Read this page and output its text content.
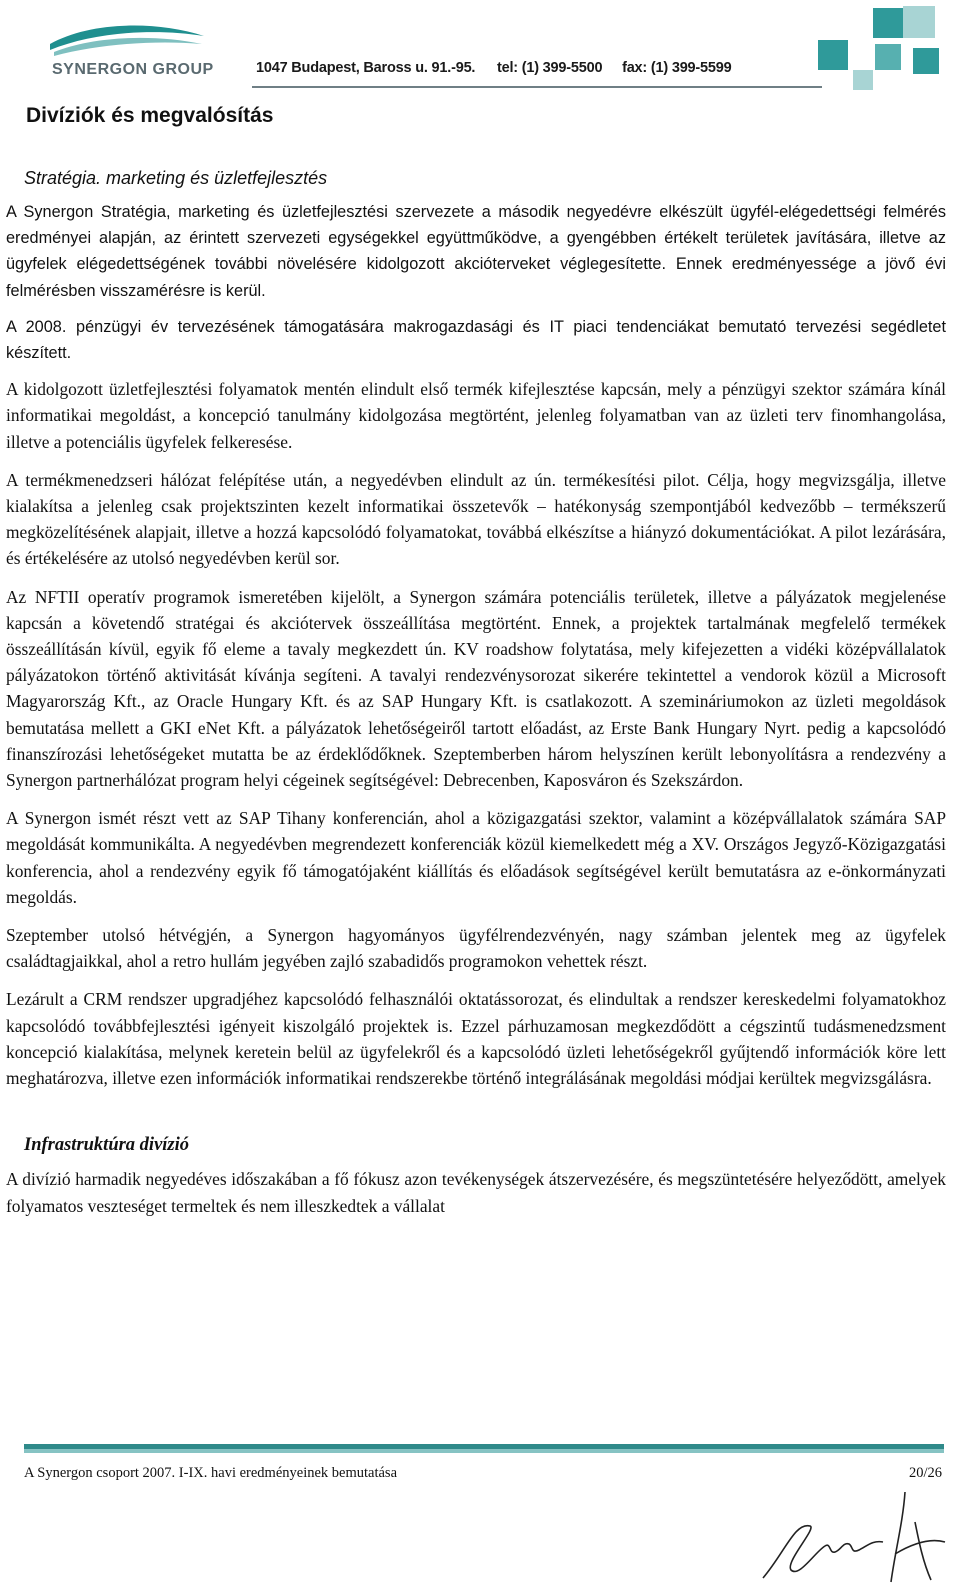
SYNERGON GROUP	1047 Budapest, Baross u. 91.-95. tel: (1) 399-5500 fax: (1) 399-5599
Divíziók és megvalósítás
Stratégia. marketing és üzletfejlesztés

A Synergon Stratégia, marketing és üzletfejlesztési szervezete a második negyedévre elkészült ügyfél-elégedettségi felmérés eredményei alapján, az érintett szervezeti egységekkel együttműködve, a gyengébben értékelt területek javítására, illetve az ügyfelek elégedettségének további növelésére kidolgozott akcióterveket véglegesítette. Ennek eredményessége a jövő évi felmérésben visszamérésre is kerül.

A 2008. pénzügyi év tervezésének támogatására makrogazdasági és IT piaci tendenciákat bemutató tervezési segédletet készített.

A kidolgozott üzletfejlesztési folyamatok mentén elindult első termék kifejlesztése kapcsán, mely a pénzügyi szektor számára kínál informatikai megoldást, a koncepció tanulmány kidolgozása megtörtént, jelenleg folyamatban van az üzleti terv finomhangolása, illetve a potenciális ügyfelek felkeresése.

A termékmenedzseri hálózat felépítése után, a negyedévben elindult az ún. termékesítési pilot. Célja, hogy megvizsgálja, illetve kialakítsa a jelenleg csak projektszinten kezelt informatikai összetevők – hatékonyság szempontjából kedvezőbb – termékszerű megközelítésének alapjait, illetve a hozzá kapcsolódó folyamatokat, továbbá elkészítse a hiányzó dokumentációkat. A pilot lezárására, és értékelésére az utolsó negyedévben kerül sor.

Az NFTII operatív programok ismeretében kijelölt, a Synergon számára potenciális területek, illetve a pályázatok megjelenése kapcsán a követendő stratégai és akciótervek összeállítása megtörtént. Ennek, a projektek tartalmának megfelelő termékek összeállításán kívül, egyik fő eleme a tavaly megkezdett ún. KV roadshow folytatása, mely kifejezetten a vidéki középvállalatok pályázatokon történő aktivitását kívánja segíteni. A tavalyi rendezvénysorozat sikerére tekintettel a vendorok közül a Microsoft Magyarország Kft., az Oracle Hungary Kft. és az SAP Hungary Kft. is csatlakozott. A szemináriumokon az üzleti megoldások bemutatása mellett a GKI eNet Kft. a pályázatok lehetőségeiről tartott előadást, az Erste Bank Hungary Nyrt. pedig a kapcsolódó finanszírozási lehetőségeket mutatta be az érdeklődőknek. Szeptemberben három helyszínen került lebonyolításra a rendezvény a Synergon partnerhálózat program helyi cégeinek segítségével: Debrecenben, Kaposváron és Szekszárdon.

A Synergon ismét részt vett az SAP Tihany konferencián, ahol a közigazgatási szektor, valamint a középvállalatok számára SAP megoldását kommunikálta. A negyedévben megrendezett konferenciák közül kiemelkedett még a XV. Országos Jegyző-Közigazgatási konferencia, ahol a rendezvény egyik fő támogatójaként kiállítás és előadások segítségével került bemutatásra az e-önkormányzati megoldás.

Szeptember utolsó hétvégjén, a Synergon hagyományos ügyfélrendezvényén, nagy számban jelentek meg az ügyfelek családtagjaikkal, ahol a retro hullám jegyében zajló szabadidős programokon vehettek részt.

Lezárult a CRM rendszer upgradjéhez kapcsolódó felhasználói oktatássorozat, és elindultak a rendszer kereskedelmi folyamatokhoz kapcsolódó továbbfejlesztési igényeit kiszolgáló projektek is. Ezzel párhuzamosan megkezdődött a cégszintű tudásmenedzsment koncepció kialakítása, melynek keretein belül az ügyfelekről és a kapcsolódó üzleti lehetőségekről gyűjtendő információk köre lett meghatározva, illetve ezen információk informatikai rendszerekbe történő integrálásának megoldási módjai kerültek megvizsgálásra.

Infrastruktúra divízió

A divízió harmadik negyedéves időszakában a fő fókusz azon tevékenységek átszervezésére, és megszüntetésére helyeződött, amelyek folyamatos veszteséget termeltek és nem illeszkedtek a vállalat

A Synergon csoport 2007. I-IX. havi eredményeinek bemutatása	20/26
